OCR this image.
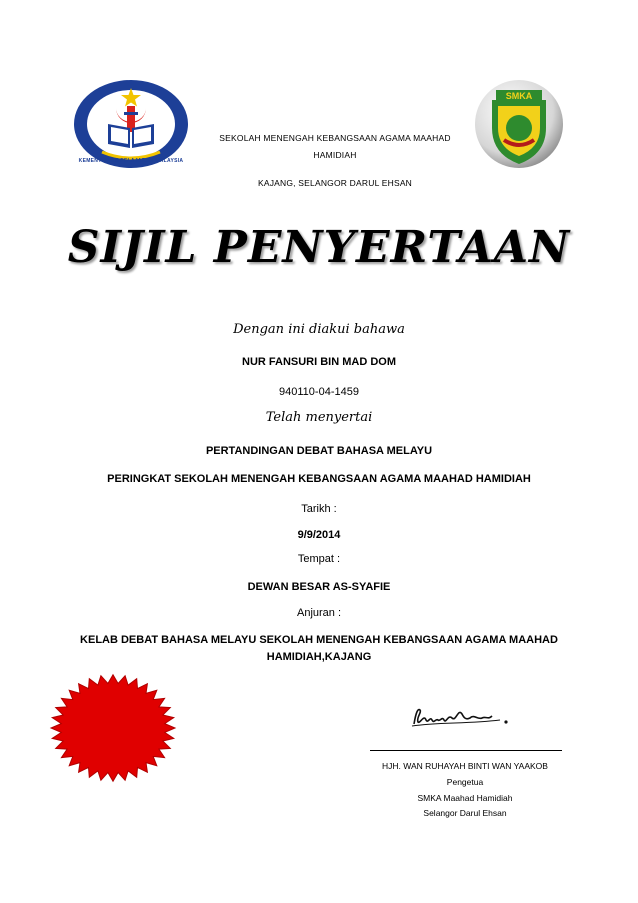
KEMENTERIAN PELAJARAN MALAYSIA
SMKA
SEKOLAH MENENGAH KEBANGSAAN AGAMA MAAHAD
HAMIDIAH
KAJANG, SELANGOR DARUL EHSAN
SIJIL PENYERTAAN
Dengan ini diakui bahawa
NUR FANSURI BIN MAD DOM
940110-04-1459
Telah menyertai
PERTANDINGAN DEBAT BAHASA MELAYU
PERINGKAT SEKOLAH MENENGAH KEBANGSAAN AGAMA MAAHAD HAMIDIAH
Tarikh :
9/9/2014
Tempat :
DEWAN BESAR AS-SYAFIE
Anjuran :
KELAB DEBAT BAHASA MELAYU SEKOLAH MENENGAH KEBANGSAAN AGAMA MAAHAD
HAMIDIAH,KAJANG
HJH. WAN RUHAYAH BINTI WAN YAAKOB
Pengetua
SMKA Maahad Hamidiah
Selangor Darul Ehsan
